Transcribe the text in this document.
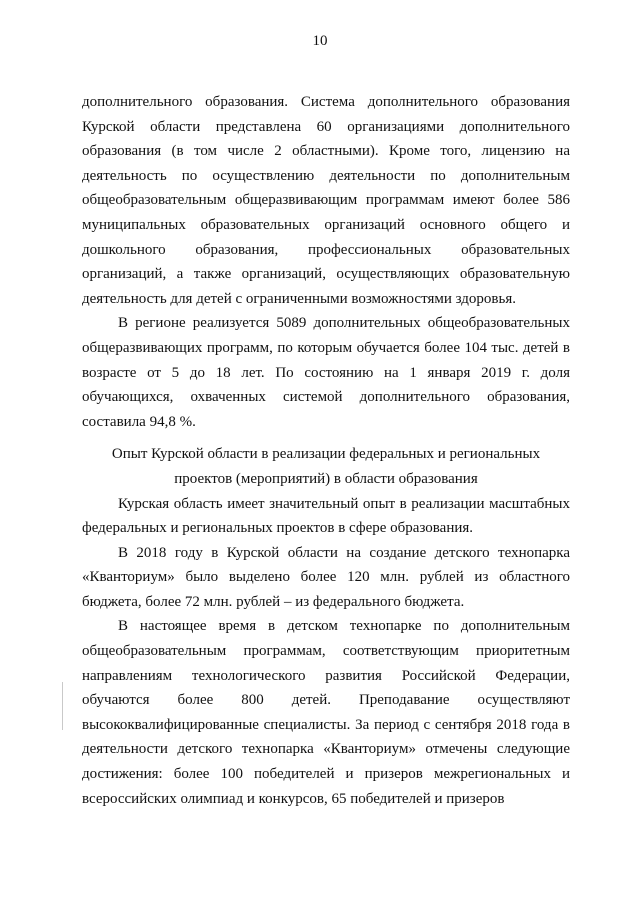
10

дополнительного образования. Система дополнительного образования Курской области представлена 60 организациями дополнительного образования (в том числе 2 областными). Кроме того, лицензию на деятельность по осуществлению деятельности по дополнительным общеобразовательным общеразвивающим программам имеют более 586 муниципальных образовательных организаций основного общего и дошкольного образования, профессиональных образовательных организаций, а также организаций, осуществляющих образовательную деятельность для детей с ограниченными возможностями здоровья.

В регионе реализуется 5089 дополнительных общеобразовательных общеразвивающих программ, по которым обучается более 104 тыс. детей в возрасте от 5 до 18 лет. По состоянию на 1 января 2019 г. доля обучающихся, охваченных системой дополнительного образования, составила 94,8 %.

Опыт Курской области в реализации федеральных и региональных
проектов (мероприятий) в области образования

Курская область имеет значительный опыт в реализации масштабных федеральных и региональных проектов в сфере образования.

В 2018 году в Курской области на создание детского технопарка «Кванториум» было выделено более 120 млн. рублей из областного бюджета, более 72 млн. рублей – из федерального бюджета.

В настоящее время в детском технопарке по дополнительным общеобразовательным программам, соответствующим приоритетным направлениям технологического развития Российской Федерации, обучаются более 800 детей. Преподавание осуществляют высококвалифицированные специалисты. За период с сентября 2018 года в деятельности детского технопарка «Кванториум» отмечены следующие достижения: более 100 победителей и призеров межрегиональных и всероссийских олимпиад и конкурсов, 65 победителей и призеров
